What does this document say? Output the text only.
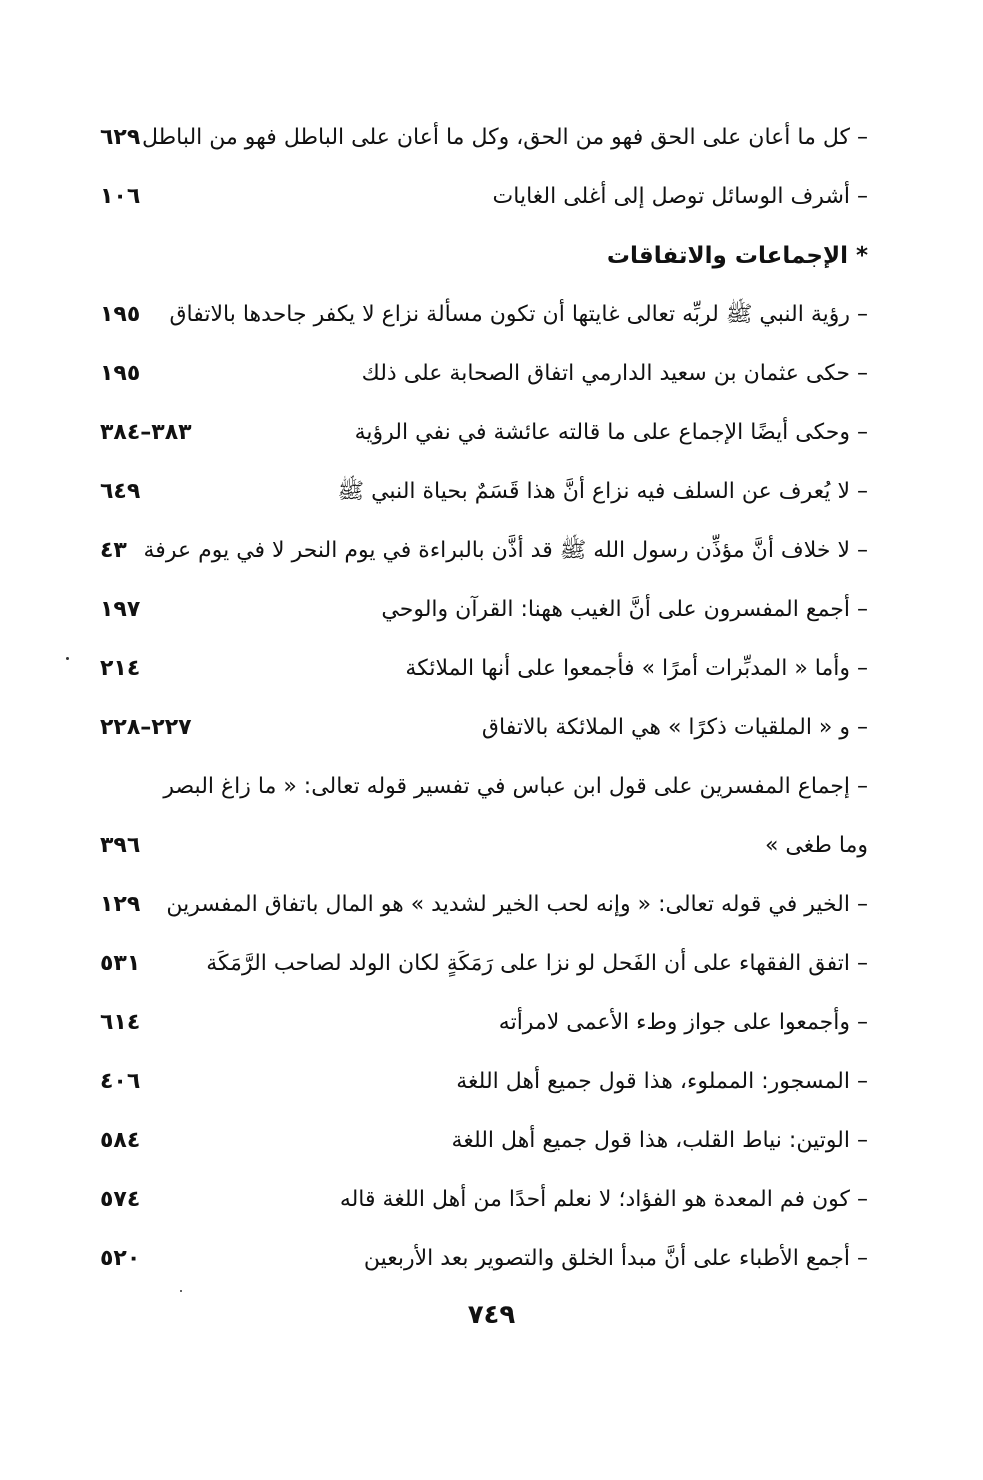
– كل ما أعان على الحق فهو من الحق، وكل ما أعان على الباطل فهو من الباطل
٦٢٩
– أشرف الوسائل توصل إلى أغلى الغايات
١٠٦
* الإجماعات والاتفاقات
– رؤية النبي ﷺ لربِّه تعالى غايتها أن تكون مسألة نزاع لا يكفر جاحدها بالاتفاق
١٩٥
– حكى عثمان بن سعيد الدارمي اتفاق الصحابة على ذلك
١٩٥
– وحكى أيضًا الإجماع على ما قالته عائشة في نفي الرؤية
٣٨٣–٣٨٤
– لا يُعرف عن السلف فيه نزاع أنَّ هذا قَسَمٌ بحياة النبي ﷺ
٦٤٩
– لا خلاف أنَّ مؤذِّن رسول الله ﷺ قد أذَّن بالبراءة في يوم النحر لا في يوم عرفة
٤٣
– أجمع المفسرون على أنَّ الغيب ههنا: القرآن والوحي
١٩٧
– وأما « المدبِّرات أمرًا » فأجمعوا على أنها الملائكة
٢١٤
– و « الملقيات ذكرًا » هي الملائكة بالاتفاق
٢٢٧–٢٢٨
– إجماع المفسرين على قول ابن عباس في تفسير قوله تعالى: « ما زاغ البصر
وما طغى »
٣٩٦
– الخير في قوله تعالى: « وإنه لحب الخير لشديد » هو المال باتفاق المفسرين
١٢٩
– اتفق الفقهاء على أن الفَحل لو نزا على رَمَكَةٍ لكان الولد لصاحب الرَّمَكَة
٥٣١
– وأجمعوا على جواز وطء الأعمى لامرأته
٦١٤
– المسجور: المملوء، هذا قول جميع أهل اللغة
٤٠٦
– الوتين: نياط القلب، هذا قول جميع أهل اللغة
٥٨٤
– كون فم المعدة هو الفؤاد؛ لا نعلم أحدًا من أهل اللغة قاله
٥٧٤
– أجمع الأطباء على أنَّ مبدأ الخلق والتصوير بعد الأربعين
٥٢٠
٧٤٩
